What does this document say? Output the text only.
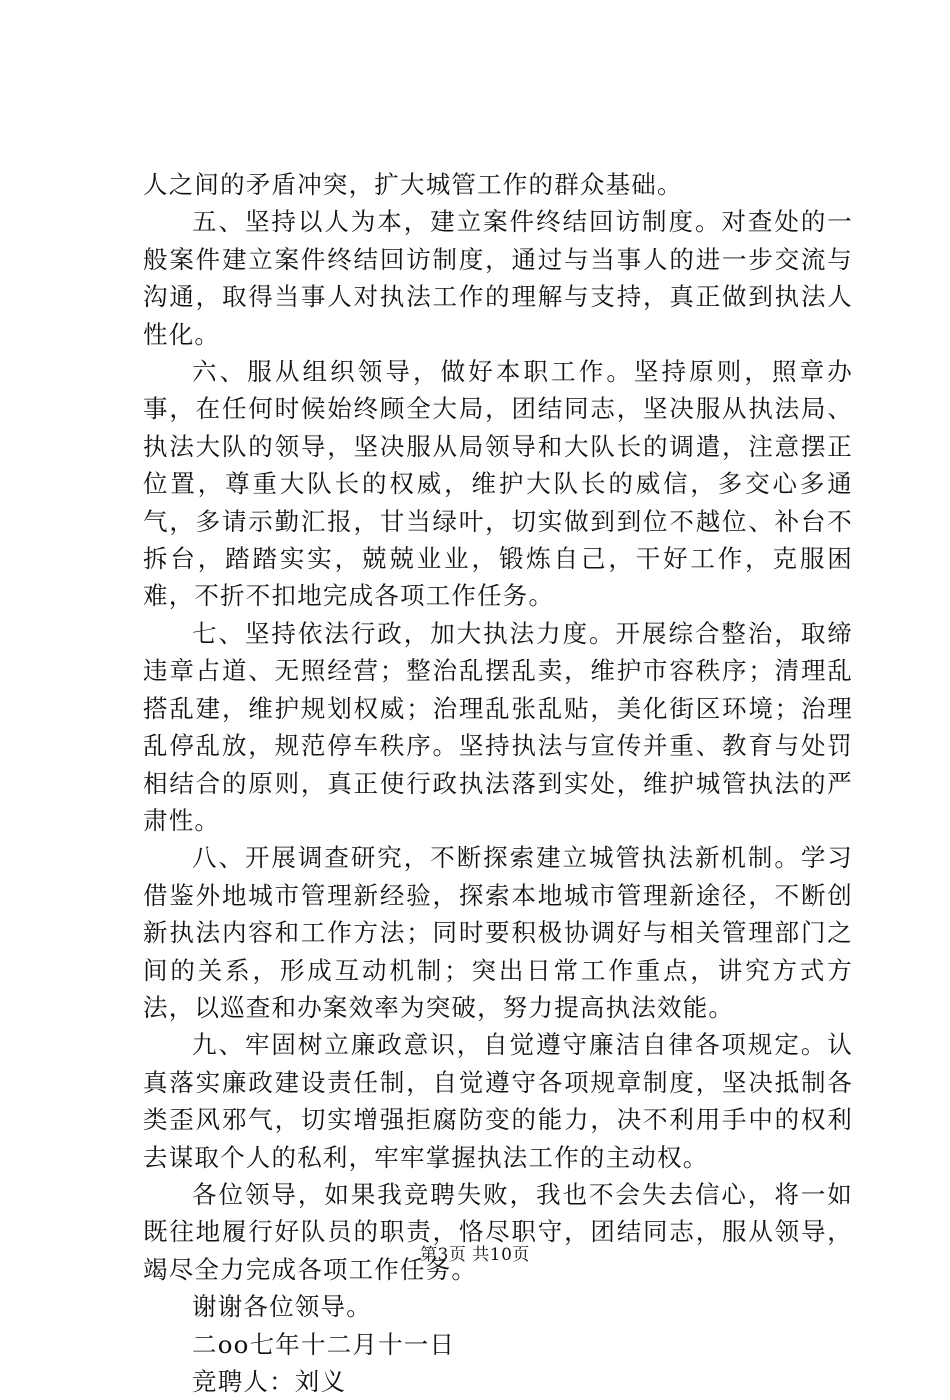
人之间的矛盾冲突，扩大城管工作的群众基础。

五、坚持以人为本，建立案件终结回访制度。对查处的一般案件建立案件终结回访制度，通过与当事人的进一步交流与沟通，取得当事人对执法工作的理解与支持，真正做到执法人性化。

六、服从组织领导，做好本职工作。坚持原则，照章办事，在任何时候始终顾全大局，团结同志，坚决服从执法局、执法大队的领导，坚决服从局领导和大队长的调遣，注意摆正位置，尊重大队长的权威，维护大队长的威信，多交心多通气，多请示勤汇报，甘当绿叶，切实做到到位不越位、补台不拆台，踏踏实实，兢兢业业，锻炼自己，干好工作，克服困难，不折不扣地完成各项工作任务。

七、坚持依法行政，加大执法力度。开展综合整治，取缔违章占道、无照经营；整治乱摆乱卖，维护市容秩序；清理乱搭乱建，维护规划权威；治理乱张乱贴，美化街区环境；治理乱停乱放，规范停车秩序。坚持执法与宣传并重、教育与处罚相结合的原则，真正使行政执法落到实处，维护城管执法的严肃性。

八、开展调查研究，不断探索建立城管执法新机制。学习借鉴外地城市管理新经验，探索本地城市管理新途径，不断创新执法内容和工作方法；同时要积极协调好与相关管理部门之间的关系，形成互动机制；突出日常工作重点，讲究方式方法，以巡查和办案效率为突破，努力提高执法效能。

九、牢固树立廉政意识，自觉遵守廉洁自律各项规定。认真落实廉政建设责任制，自觉遵守各项规章制度，坚决抵制各类歪风邪气，切实增强拒腐防变的能力，决不利用手中的权利去谋取个人的私利，牢牢掌握执法工作的主动权。

各位领导，如果我竞聘失败，我也不会失去信心，将一如既往地履行好队员的职责，恪尽职守，团结同志，服从领导，竭尽全力完成各项工作任务。

谢谢各位领导。

二oo七年十二月十一日

竞聘人：刘义

第3页 共10页
